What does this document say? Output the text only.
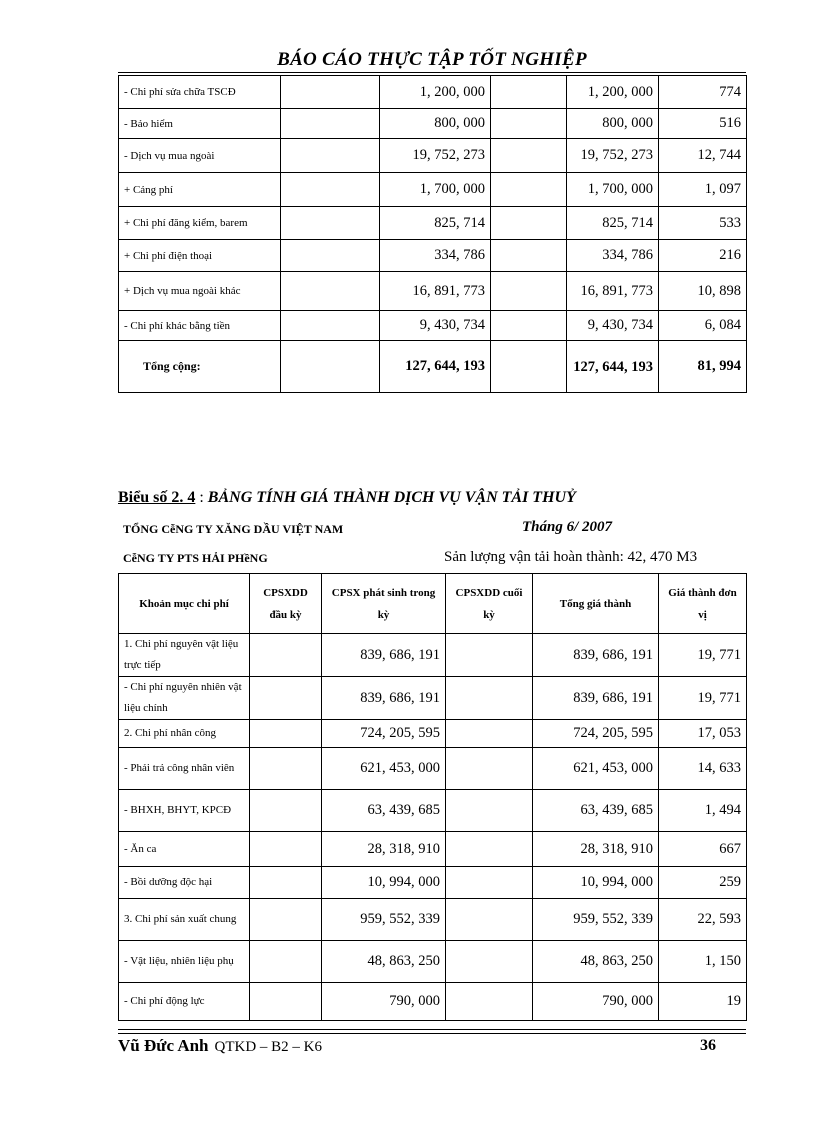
BÁO CÁO THỰC TẬP TỐT NGHIỆP
- Chi phí sửa chữa TSCĐ		1, 200, 000		1, 200, 000	774
- Bảo hiểm		800, 000		800, 000	516
- Dịch vụ mua ngoài		19, 752, 273		19, 752, 273	12, 744
+ Cảng phí		1, 700, 000		1, 700, 000	1, 097
+ Chi phí đăng kiểm, barem		825, 714		825, 714	533
+ Chi phí điện thoại		334, 786		334, 786	216
+ Dịch vụ mua ngoài khác		16, 891, 773		16, 891, 773	10, 898
- Chi phí khác bằng tiền		9, 430, 734		9, 430, 734	6, 084
Tổng cộng:		127, 644, 193		127, 644, 193	81, 994
Biểu số 2. 4 : BẢNG TÍNH GIÁ THÀNH DỊCH VỤ VẬN TẢI THUỶ
TỔNG CễNG TY XĂNG DẦU VIỆT NAM	Tháng 6/ 2007
CễNG TY PTS HẢI PHềNG	Sản lượng vận tải hoàn thành: 42, 470 M3
Khoản mục chi phí	CPSXDD đầu kỳ	CPSX phát sinh trong kỳ	CPSXDD cuối kỳ	Tổng giá thành	Giá thành đơn vị
1. Chi phí nguyên vật liệu trực tiếp		839, 686, 191		839, 686, 191	19, 771
- Chi phí nguyên nhiên vật liệu chính		839, 686, 191		839, 686, 191	19, 771
2. Chi phí nhân công		724, 205, 595		724, 205, 595	17, 053
- Phải trả công nhân viên		621, 453, 000		621, 453, 000	14, 633
- BHXH, BHYT, KPCĐ		63, 439, 685		63, 439, 685	1, 494
- Ăn ca		28, 318, 910		28, 318, 910	667
- Bồi dưỡng độc hại		10, 994, 000		10, 994, 000	259
3. Chi phí sản xuất chung		959, 552, 339		959, 552, 339	22, 593
- Vật liệu, nhiên liệu phụ		48, 863, 250		48, 863, 250	1, 150
- Chi phí động lực		790, 000		790, 000	19
Vũ Đức Anh QTKD – B2 – K6	36
